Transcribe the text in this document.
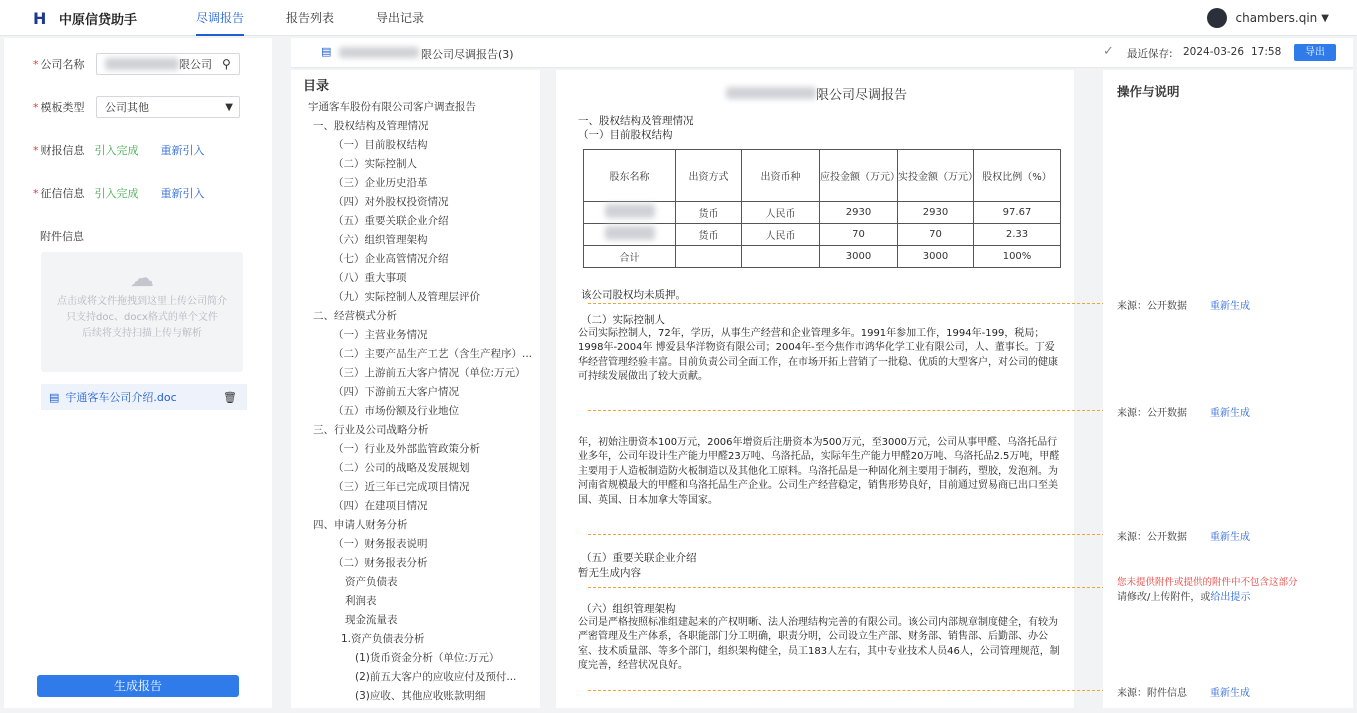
H 中原信贷助手	尽调报告	报告列表	导出记录	chambers.qin ▼
* 公司名称	限公司 ⚲
* 模板类型	公司其他	▼
* 财报信息 引入完成 重新引入
* 征信信息 引入完成 重新引入
附件信息
☁
点击或将文件拖拽到这里上传公司简介
只支持doc、docx格式的单个文件
后续将支持扫描上传与解析
▤ 宇通客车公司介绍.doc	🗑
生成报告
▤	限公司尽调报告(3)	✓ 最近保存: 2024-03-26 17:58	导出
目录
宇通客车股份有限公司客户调查报告
一、股权结构及管理情况
（一）目前股权结构
（二）实际控制人
（三）企业历史沿革
（四）对外股权投资情况
（五）重要关联企业介绍
（六）组织管理架构
（七）企业高管情况介绍
（八）重大事项
（九）实际控制人及管理层评价
二、经营模式分析
（一）主营业务情况
（二）主要产品生产工艺（含生产程序）...
（三）上游前五大客户情况（单位:万元）
（四）下游前五大客户情况
（五）市场份额及行业地位
三、行业及公司战略分析
（一）行业及外部监管政策分析
（二）公司的战略及发展规划
（三）近三年已完成项目情况
（四）在建项目情况
四、申请人财务分析
（一）财务报表说明
（二）财务报表分析
资产负债表
利润表
现金流量表
1.资产负债表分析
(1)货币资金分析（单位:万元）
(2)前五大客户的应收应付及预付...
(3)应收、其他应收账款明细
限公司尽调报告
一、股权结构及管理情况
（一）目前股权结构
股东名称	出资方式	出资币种	应投金额（万元）	实投金额（万元）	股权比例（%）
	货币	人民币	2930	2930	97.67
	货币	人民币	70	70	2.33
合计			3000	3000	100%
该公司股权均未质押。
（二）实际控制人
公司实际控制人，72年，学历，从事生产经营和企业管理多年。1991年参加工作，1994年-199，税局；1998年-2004年 博爱县华洋物资有限公司；2004年-至今焦作市鸿华化学工业有限公司，人、董事长。丁爱华经营管理经验丰富。目前负责公司全面工作，在市场开拓上营销了一批稳、优质的大型客户，对公司的健康可持续发展做出了较大贡献。
年，初始注册资本100万元，2006年增资后注册资本为500万元，至3000万元，公司从事甲醛、乌洛托品行业多年，公司年设计生产能力甲醛23万吨、乌洛托品，实际年生产能力甲醛20万吨、乌洛托品2.5万吨，甲醛主要用于人造板制造防火板制造以及其他化工原料。乌洛托品是一种固化剂主要用于制药，塑胶，发泡剂。为河南省规模最大的甲醛和乌洛托品生产企业。公司生产经营稳定，销售形势良好，目前通过贸易商已出口至美国、英国、日本加拿大等国家。
（五）重要关联企业介绍
暂无生成内容
（六）组织管理架构
公司是严格按照标准组建起来的产权明晰、法人治理结构完善的有限公司。该公司内部规章制度健全，有较为严密管理及生产体系，各职能部门分工明确，职责分明，公司设立生产部、财务部、销售部、后勤部、办公室、技术质量部、等多个部门，组织架构健全，员工183人左右，其中专业技术人员46人，公司管理规范，制度完善，经营状况良好。
操作与说明
来源：公开数据 重新生成
来源：公开数据 重新生成
来源：公开数据 重新生成
您未提供附件或提供的附件中不包含这部分
请修改/上传附件，或给出提示
来源：附件信息 重新生成
